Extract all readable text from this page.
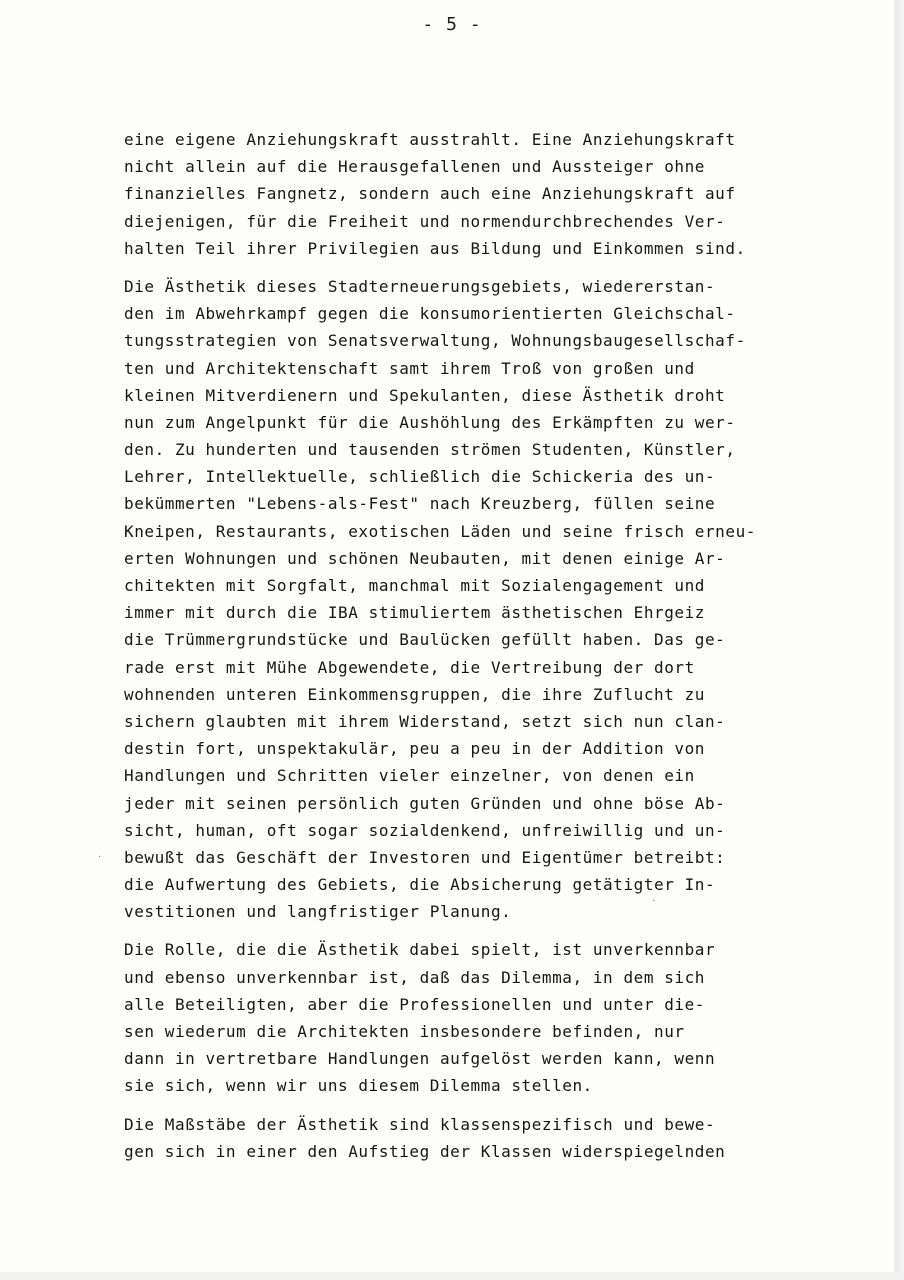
- 5 -
eine eigene Anziehungskraft ausstrahlt. Eine Anziehungskraft
nicht allein auf die Herausgefallenen und Aussteiger ohne
finanzielles Fangnetz, sondern auch eine Anziehungskraft auf
diejenigen, für die Freiheit und normendurchbrechendes Ver-
halten Teil ihrer Privilegien aus Bildung und Einkommen sind.
Die Ästhetik dieses Stadterneuerungsgebiets, wiedererstan-
den im Abwehrkampf gegen die konsumorientierten Gleichschal-
tungsstrategien von Senatsverwaltung, Wohnungsbaugesellschaf-
ten und Architektenschaft samt ihrem Troß von großen und
kleinen Mitverdienern und Spekulanten, diese Ästhetik droht
nun zum Angelpunkt für die Aushöhlung des Erkämpften zu wer-
den. Zu hunderten und tausenden strömen Studenten, Künstler,
Lehrer, Intellektuelle, schließlich die Schickeria des un-
bekümmerten "Lebens-als-Fest" nach Kreuzberg, füllen seine
Kneipen, Restaurants, exotischen Läden und seine frisch erneu-
erten Wohnungen und schönen Neubauten, mit denen einige Ar-
chitekten mit Sorgfalt, manchmal mit Sozialengagement und
immer mit durch die IBA stimuliertem ästhetischen Ehrgeiz
die Trümmergrundstücke und Baulücken gefüllt haben. Das ge-
rade erst mit Mühe Abgewendete, die Vertreibung der dort
wohnenden unteren Einkommensgruppen, die ihre Zuflucht zu
sichern glaubten mit ihrem Widerstand, setzt sich nun clan-
destin fort, unspektakulär, peu a peu in der Addition von
Handlungen und Schritten vieler einzelner, von denen ein
jeder mit seinen persönlich guten Gründen und ohne böse Ab-
sicht, human, oft sogar sozialdenkend, unfreiwillig und un-
bewußt das Geschäft der Investoren und Eigentümer betreibt:
die Aufwertung des Gebiets, die Absicherung getätigter In-
vestitionen und langfristiger Planung.
Die Rolle, die die Ästhetik dabei spielt, ist unverkennbar
und ebenso unverkennbar ist, daß das Dilemma, in dem sich
alle Beteiligten, aber die Professionellen und unter die-
sen wiederum die Architekten insbesondere befinden, nur
dann in vertretbare Handlungen aufgelöst werden kann, wenn
sie sich, wenn wir uns diesem Dilemma stellen.
Die Maßstäbe der Ästhetik sind klassenspezifisch und bewe-
gen sich in einer den Aufstieg der Klassen widerspiegelnden
·
·
